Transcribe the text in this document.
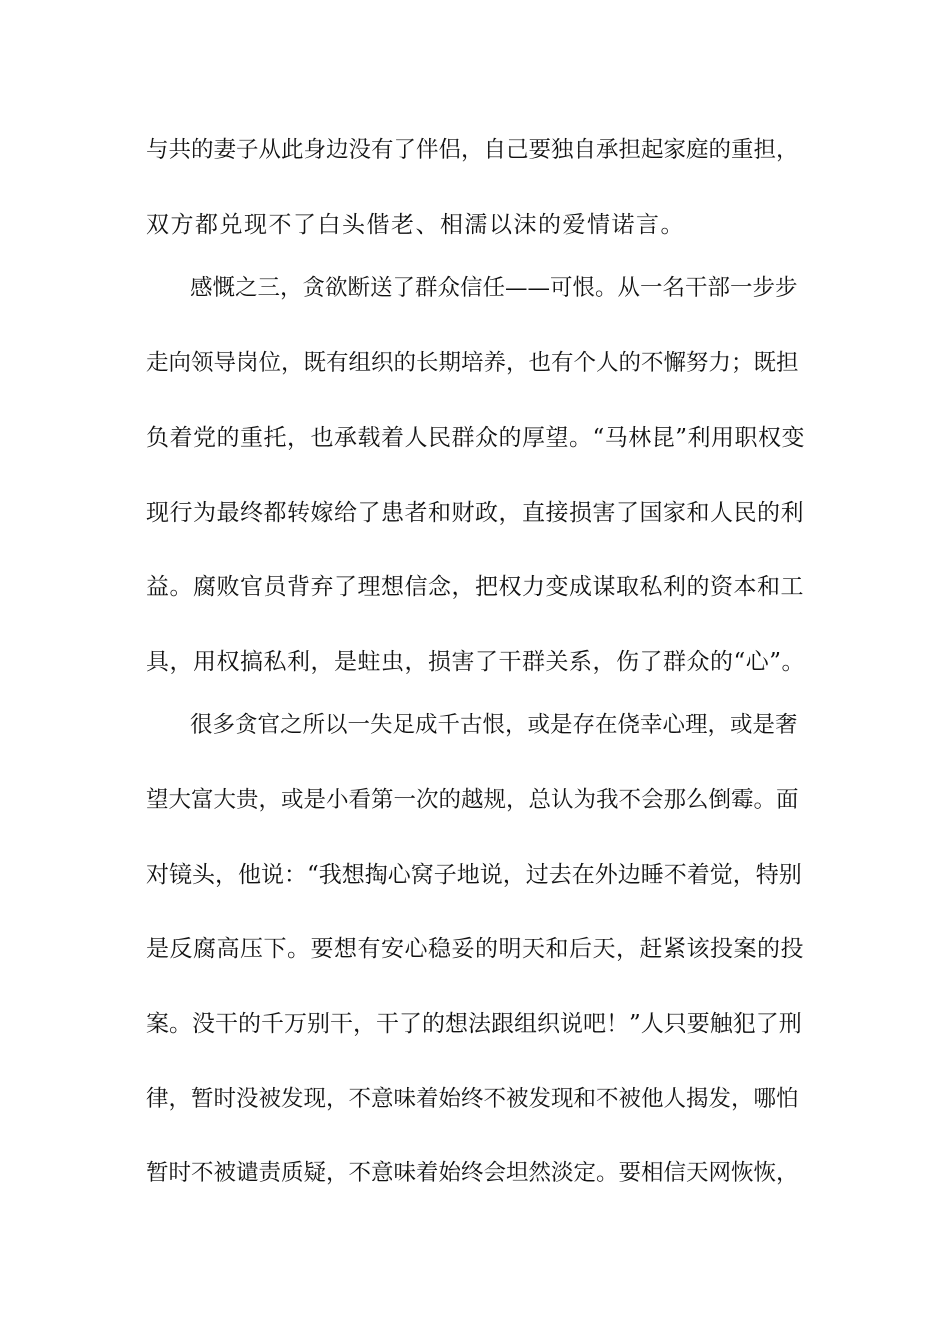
与共的妻子从此身边没有了伴侣，自己要独自承担起家庭的重担，
双方都兑现不了白头偕老、相濡以沫的爱情诺言。
感慨之三，贪欲断送了群众信任——可恨。从一名干部一步步
走向领导岗位，既有组织的长期培养，也有个人的不懈努力；既担
负着党的重托，也承载着人民群众的厚望。“马林昆”利用职权变
现行为最终都转嫁给了患者和财政，直接损害了国家和人民的利
益。腐败官员背弃了理想信念，把权力变成谋取私利的资本和工
具，用权搞私利，是蛀虫，损害了干群关系，伤了群众的“心”。
很多贪官之所以一失足成千古恨，或是存在侥幸心理，或是奢
望大富大贵，或是小看第一次的越规，总认为我不会那么倒霉。面
对镜头，他说：“我想掏心窝子地说，过去在外边睡不着觉，特别
是反腐高压下。要想有安心稳妥的明天和后天，赶紧该投案的投
案。没干的千万别干，干了的想法跟组织说吧！”人只要触犯了刑
律，暂时没被发现，不意味着始终不被发现和不被他人揭发，哪怕
暂时不被谴责质疑，不意味着始终会坦然淡定。要相信天网恢恢，
